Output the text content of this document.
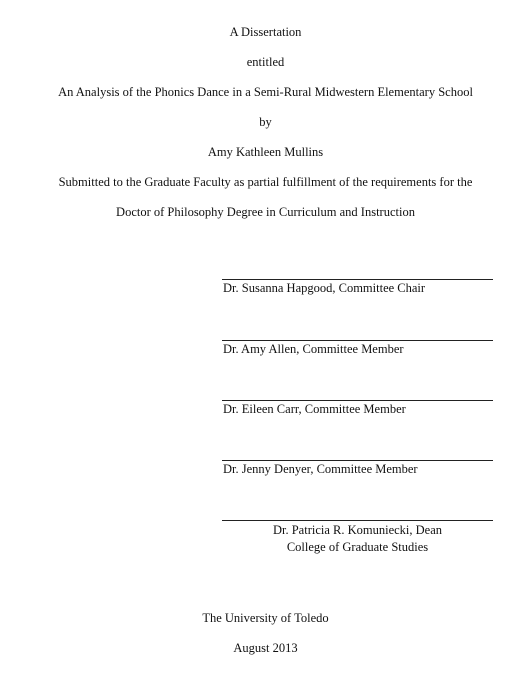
A Dissertation
entitled
An Analysis of the Phonics Dance in a Semi-Rural Midwestern Elementary School
by
Amy Kathleen Mullins
Submitted to the Graduate Faculty as partial fulfillment of the requirements for the
Doctor of Philosophy Degree in Curriculum and Instruction
Dr. Susanna Hapgood, Committee Chair
Dr. Amy Allen, Committee Member
Dr. Eileen Carr, Committee Member
Dr. Jenny Denyer, Committee Member
Dr. Patricia R. Komuniecki, Dean
College of Graduate Studies
The University of Toledo
August 2013
